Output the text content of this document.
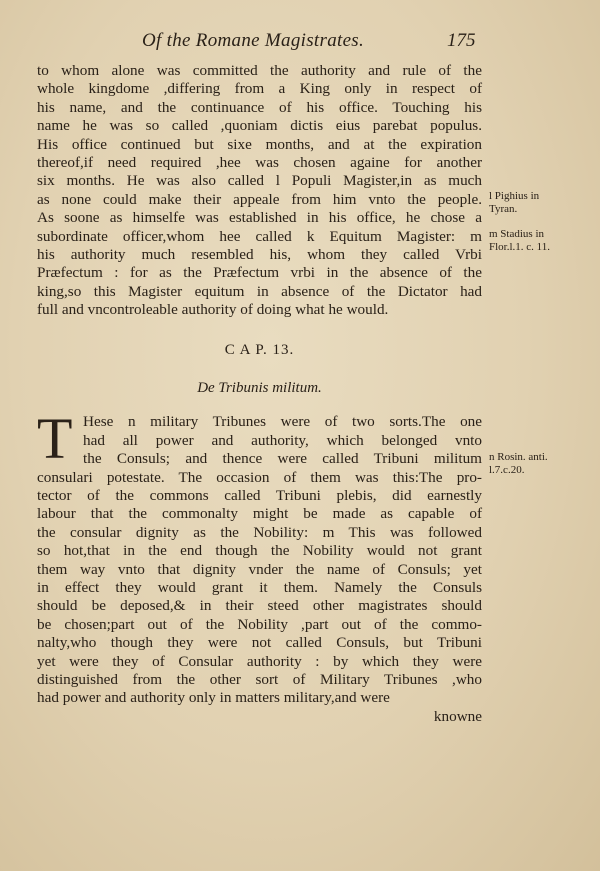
Of the Romane Magistrates.	175
to whom alone was committed the authority and rule of the
whole kingdome ,differing from a King only in respect of
his name, and the continuance of his office. Touching his
name he was so called ,quoniam dictis eius parebat populus.
His office continued but sixe months, and at the expiration
thereof,if need required ,hee was chosen againe for another
six months. He was also called l Populi Magister,in as much
as none could make their appeale from him vnto the people.
As soone as himselfe was established in his office, he chose a
subordinate officer,whom hee called k Equitum Magister: m
his authority much resembled his, whom they called Vrbi
Præfectum : for as the Præfectum vrbi in the absence of the
king,so this Magister equitum in absence of the Dictator had
full and vncontroleable authority of doing what he would.
C A P. 13.
De Tribunis militum.
T Hese n military Tribunes were of two sorts.The one
had all power and authority, which belonged vnto
the Consuls; and thence were called Tribuni militum
consulari potestate. The occasion of them was this:The pro-
tector of the commons called Tribuni plebis, did earnestly
labour that the commonalty might be made as capable of
the consular dignity as the Nobility: m This was followed
so hot,that in the end though the Nobility would not grant
them way vnto that dignity vnder the name of Consuls; yet
in effect they would grant it them. Namely the Consuls
should be deposed,& in their steed other magistrates should
be chosen;part out of the Nobility ,part out of the commo-
nalty,who though they were not called Consuls, but Tribuni
yet were they of Consular authority : by which they were
distinguished from the other sort of Military Tribunes ,who
had power and authority only in matters military,and were
knowne
l Pighius in
Tyran.
m Stadius in
Flor.l.1. c. 11.
n Rosin. anti.
l.7.c.20.
